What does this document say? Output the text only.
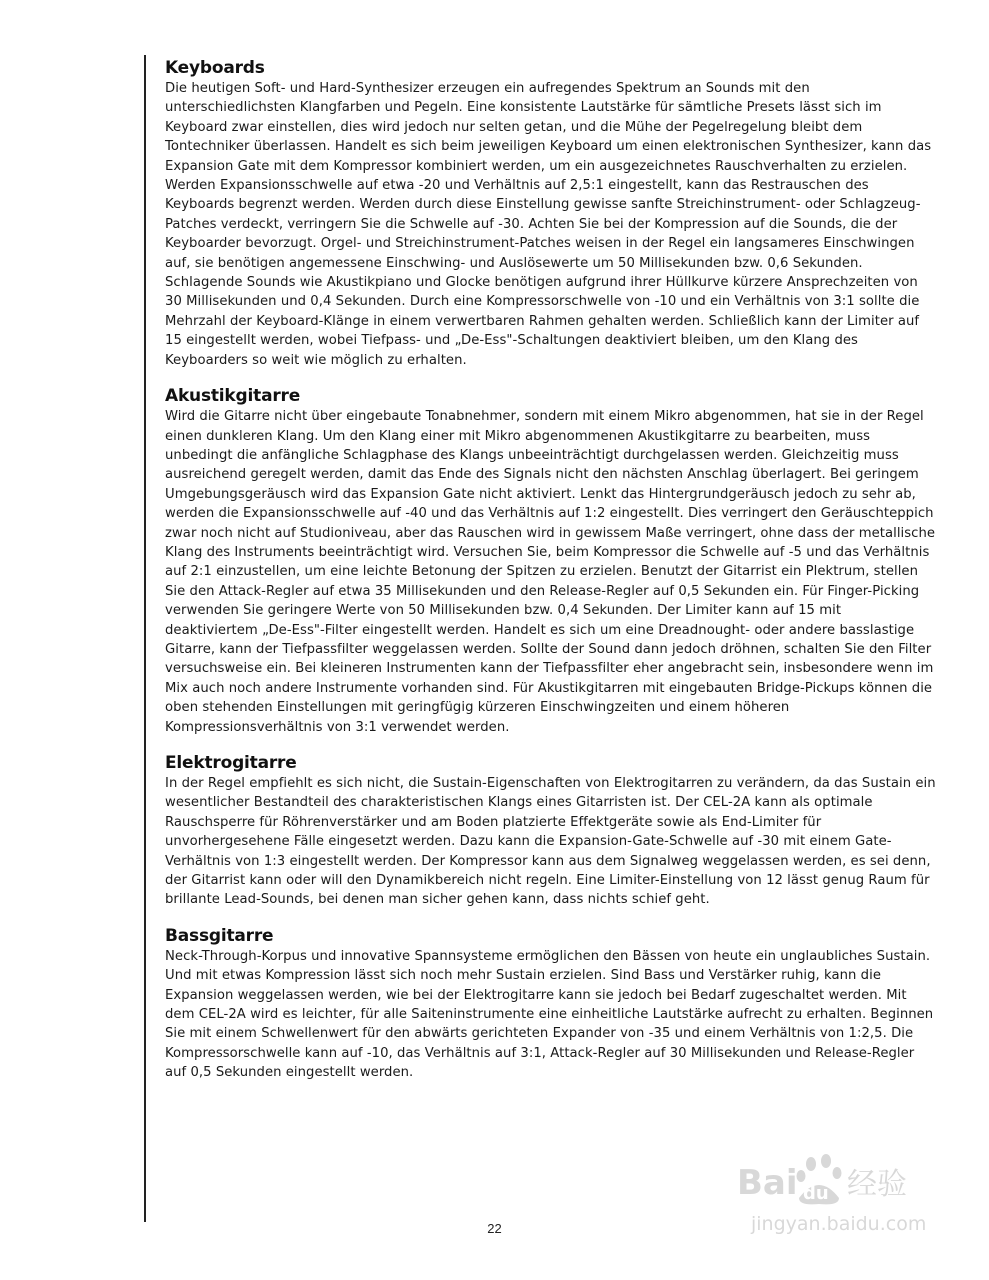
Keyboards

Die heutigen Soft- und Hard-Synthesizer erzeugen ein aufregendes Spektrum an Sounds mit den unterschiedlichsten Klangfarben und Pegeln. Eine konsistente Lautstärke für sämtliche Presets lässt sich im Keyboard zwar einstellen, dies wird jedoch nur selten getan, und die Mühe der Pegelregelung bleibt dem Tontechniker überlassen. Handelt es sich beim jeweiligen Keyboard um einen elektronischen Synthesizer, kann das Expansion Gate mit dem Kompressor kombiniert werden, um ein ausgezeichnetes Rauschverhalten zu erzielen. Werden Expansionsschwelle auf etwa -20 und Verhältnis auf 2,5:1 eingestellt, kann das Restrauschen des Keyboards begrenzt werden. Werden durch diese Einstellung gewisse sanfte Streichinstrument- oder Schlagzeug-Patches verdeckt, verringern Sie die Schwelle auf -30. Achten Sie bei der Kompression auf die Sounds, die der Keyboarder bevorzugt. Orgel- und Streichinstrument-Patches weisen in der Regel ein langsameres Einschwingen auf, sie benötigen angemessene Einschwing- und Auslösewerte um 50 Millisekunden bzw. 0,6 Sekunden. Schlagende Sounds wie Akustikpiano und Glocke benötigen aufgrund ihrer Hüllkurve kürzere Ansprechzeiten von 30 Millisekunden und 0,4 Sekunden. Durch eine Kompressorschwelle von -10 und ein Verhältnis von 3:1 sollte die Mehrzahl der Keyboard-Klänge in einem verwertbaren Rahmen gehalten werden. Schließlich kann der Limiter auf 15 eingestellt werden, wobei Tiefpass- und „De-Ess"-Schaltungen deaktiviert bleiben, um den Klang des Keyboarders so weit wie möglich zu erhalten.

Akustikgitarre

Wird die Gitarre nicht über eingebaute Tonabnehmer, sondern mit einem Mikro abgenommen, hat sie in der Regel einen dunkleren Klang. Um den Klang einer mit Mikro abgenommenen Akustikgitarre zu bearbeiten, muss unbedingt die anfängliche Schlagphase des Klangs unbeeinträchtigt durchgelassen werden. Gleichzeitig muss ausreichend geregelt werden, damit das Ende des Signals nicht den nächsten Anschlag überlagert. Bei geringem Umgebungsgeräusch wird das Expansion Gate nicht aktiviert. Lenkt das Hintergrundgeräusch jedoch zu sehr ab, werden die Expansionsschwelle auf -40 und das Verhältnis auf 1:2 eingestellt. Dies verringert den Geräuschteppich zwar noch nicht auf Studioniveau, aber das Rauschen wird in gewissem Maße verringert, ohne dass der metallische Klang des Instruments beeinträchtigt wird. Versuchen Sie, beim Kompressor die Schwelle auf -5 und das Verhältnis auf 2:1 einzustellen, um eine leichte Betonung der Spitzen zu erzielen. Benutzt der Gitarrist ein Plektrum, stellen Sie den Attack-Regler auf etwa 35 Millisekunden und den Release-Regler auf 0,5 Sekunden ein. Für Finger-Picking verwenden Sie geringere Werte von 50 Millisekunden bzw. 0,4 Sekunden. Der Limiter kann auf 15 mit deaktiviertem „De-Ess"-Filter eingestellt werden. Handelt es sich um eine Dreadnought- oder andere basslastige Gitarre, kann der Tiefpassfilter weggelassen werden. Sollte der Sound dann jedoch dröhnen, schalten Sie den Filter versuchsweise ein. Bei kleineren Instrumenten kann der Tiefpassfilter eher angebracht sein, insbesondere wenn im Mix auch noch andere Instrumente vorhanden sind. Für Akustikgitarren mit eingebauten Bridge-Pickups können die oben stehenden Einstellungen mit geringfügig kürzeren Einschwingzeiten und einem höheren Kompressionsverhältnis von 3:1 verwendet werden.

Elektrogitarre

In der Regel empfiehlt es sich nicht, die Sustain-Eigenschaften von Elektrogitarren zu verändern, da das Sustain ein wesentlicher Bestandteil des charakteristischen Klangs eines Gitarristen ist. Der CEL-2A kann als optimale Rauschsperre für Röhrenverstärker und am Boden platzierte Effektgeräte sowie als End-Limiter für unvorhergesehene Fälle eingesetzt werden. Dazu kann die Expansion-Gate-Schwelle auf -30 mit einem Gate-Verhältnis von 1:3 eingestellt werden. Der Kompressor kann aus dem Signalweg weggelassen werden, es sei denn, der Gitarrist kann oder will den Dynamikbereich nicht regeln. Eine Limiter-Einstellung von 12 lässt genug Raum für brillante Lead-Sounds, bei denen man sicher gehen kann, dass nichts schief geht.

Bassgitarre

Neck-Through-Korpus und innovative Spannsysteme ermöglichen den Bässen von heute ein unglaubliches Sustain. Und mit etwas Kompression lässt sich noch mehr Sustain erzielen. Sind Bass und Verstärker ruhig, kann die Expansion weggelassen werden, wie bei der Elektrogitarre kann sie jedoch bei Bedarf zugeschaltet werden. Mit dem CEL-2A wird es leichter, für alle Saiteninstrumente eine einheitliche Lautstärke aufrecht zu erhalten. Beginnen Sie mit einem Schwellenwert für den abwärts gerichteten Expander von -35 und einem Verhältnis von 1:2,5. Die Kompressorschwelle kann auf -10, das Verhältnis auf 3:1, Attack-Regler auf 30 Millisekunden und Release-Regler auf 0,5 Sekunden eingestellt werden.

22
Bai du 经验
jingyan.baidu.com
